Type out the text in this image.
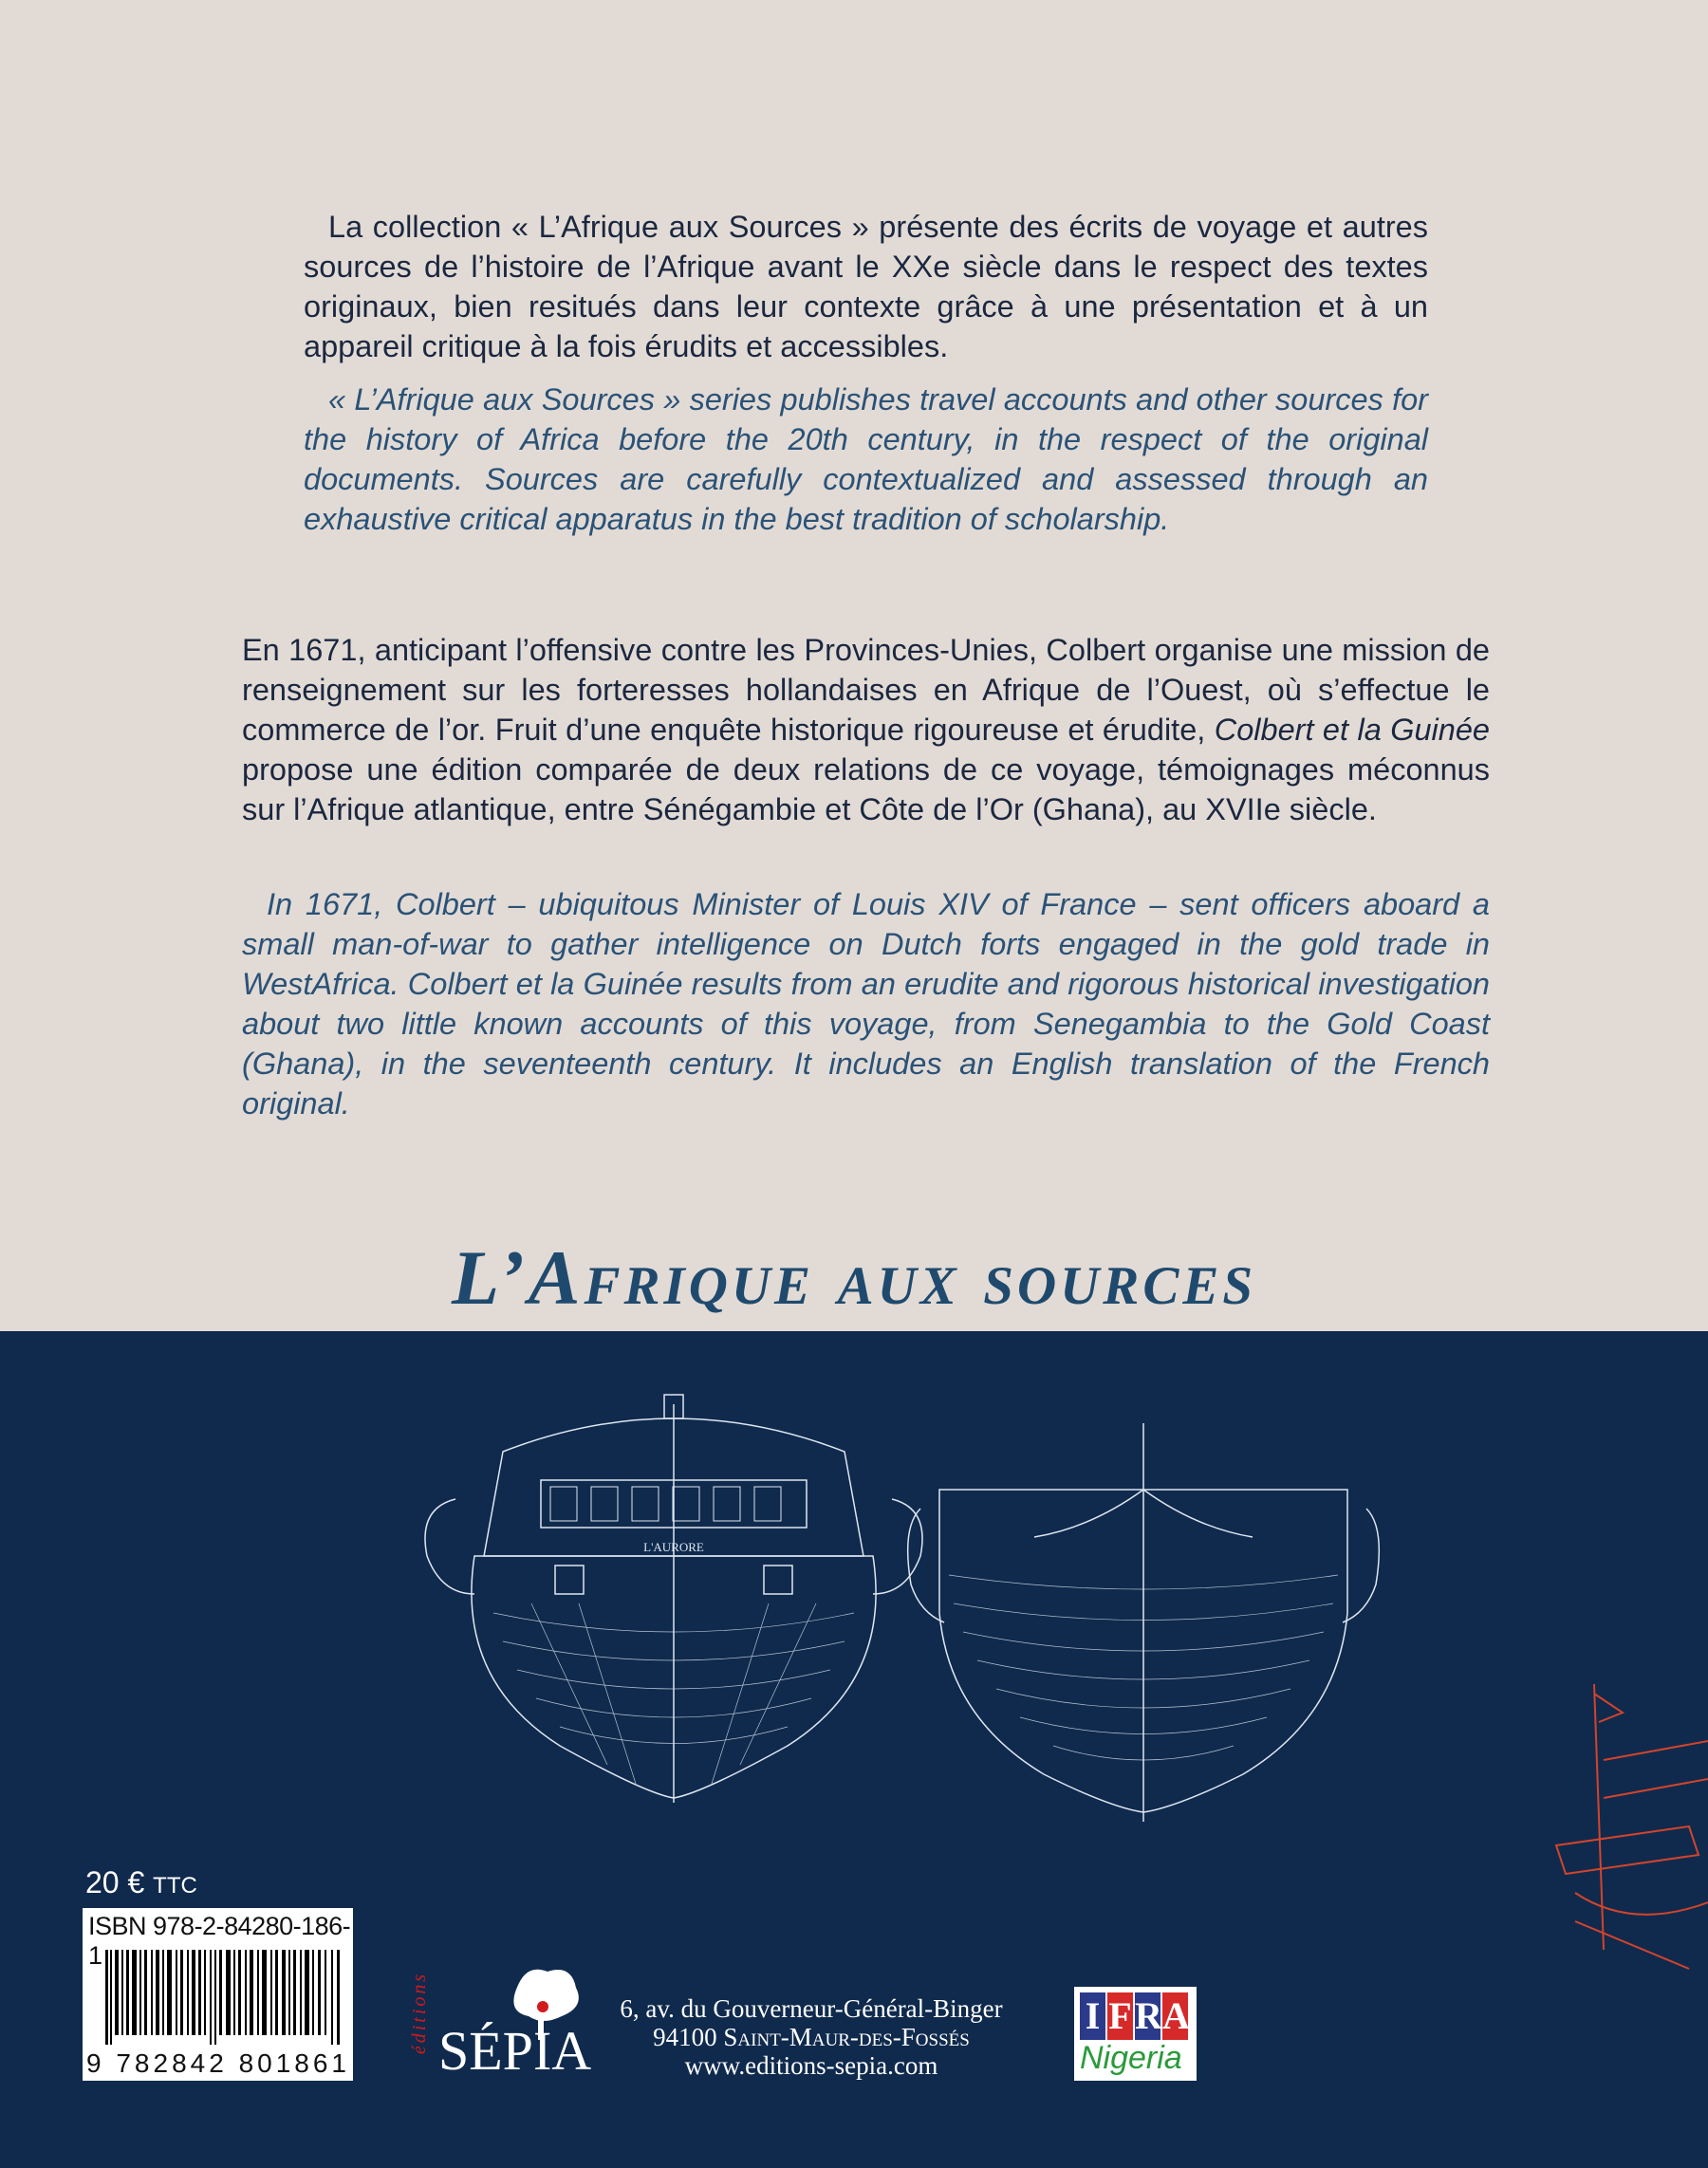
La collection « L’Afrique aux Sources » présente des écrits de voyage et autres sources de l’histoire de l’Afrique avant le XXe siècle dans le respect des textes originaux, bien resitués dans leur contexte grâce à une présentation et à un appareil critique à la fois érudits et accessibles.

« L’Afrique aux Sources » series publishes travel accounts and other sources for the history of Africa before the 20th century, in the respect of the original documents. Sources are carefully contextualized and assessed through an exhaustive critical apparatus in the best tradition of scholarship.

En 1671, anticipant l’offensive contre les Provinces-Unies, Colbert organise une mission de renseignement sur les forteresses hollandaises en Afrique de l’Ouest, où s’effectue le commerce de l’or. Fruit d’une enquête historique rigoureuse et érudite, Colbert et la Guinée propose une édition comparée de deux relations de ce voyage, témoignages méconnus sur l’Afrique atlantique, entre Sénégambie et Côte de l’Or (Ghana), au XVIIe siècle.

In 1671, Colbert – ubiquitous Minister of Louis XIV of France – sent officers aboard a small man-of-war to gather intelligence on Dutch forts engaged in the gold trade in WestAfrica. Colbert et la Guinée results from an erudite and rigorous historical investigation about two little known accounts of this voyage, from Senegambia to the Gold Coast (Ghana), in the seventeenth century. It includes an English translation of the French original.

L’Afrique aux sources
L'AURORE
20 € TTC
ISBN 978-2-84280-186-1
9 782842 801861
éditions SÉPIA
6, av. du Gouverneur-Général-Binger
94100 Saint-Maur-des-Fossés
www.editions-sepia.com
I F R A
Nigeria
